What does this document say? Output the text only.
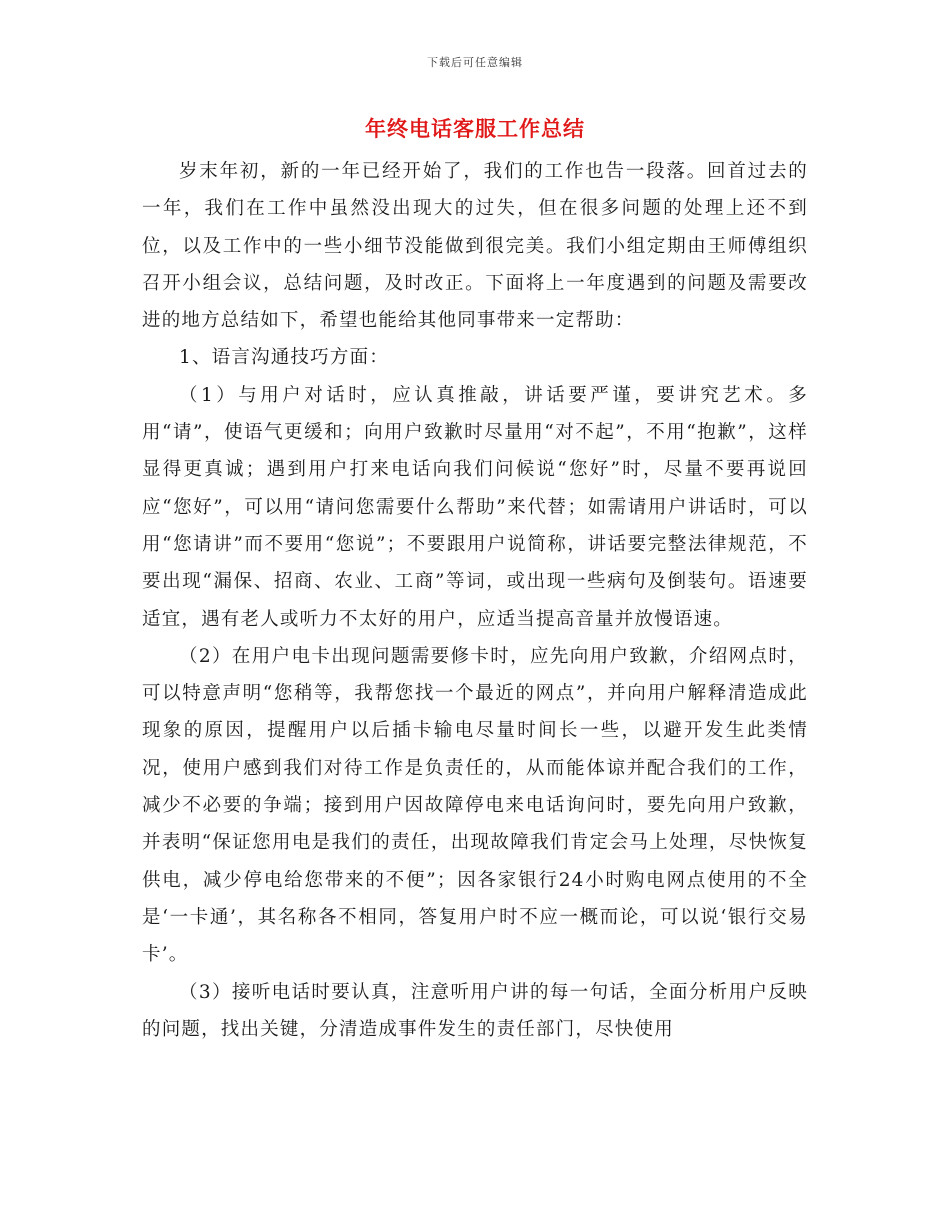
下载后可任意编辑
年终电话客服工作总结

岁末年初，新的一年已经开始了，我们的工作也告一段落。回首过去的一年，我们在工作中虽然没出现大的过失，但在很多问题的处理上还不到位，以及工作中的一些小细节没能做到很完美。我们小组定期由王师傅组织召开小组会议，总结问题，及时改正。下面将上一年度遇到的问题及需要改进的地方总结如下，希望也能给其他同事带来一定帮助：

1、语言沟通技巧方面：

（1）与用户对话时，应认真推敲，讲话要严谨，要讲究艺术。多用“请”，使语气更缓和；向用户致歉时尽量用“对不起”，不用“抱歉”，这样显得更真诚；遇到用户打来电话向我们问候说“您好”时，尽量不要再说回应“您好”，可以用“请问您需要什么帮助”来代替；如需请用户讲话时，可以用“您请讲”而不要用“您说”；不要跟用户说简称，讲话要完整法律规范，不要出现“漏保、招商、农业、工商”等词，或出现一些病句及倒装句。语速要适宜，遇有老人或听力不太好的用户，应适当提高音量并放慢语速。

（2）在用户电卡出现问题需要修卡时，应先向用户致歉，介绍网点时，可以特意声明“您稍等，我帮您找一个最近的网点”，并向用户解释清造成此现象的原因，提醒用户以后插卡输电尽量时间长一些，以避开发生此类情况，使用户感到我们对待工作是负责任的，从而能体谅并配合我们的工作，减少不必要的争端；接到用户因故障停电来电话询问时，要先向用户致歉，并表明“保证您用电是我们的责任，出现故障我们肯定会马上处理，尽快恢复供电，减少停电给您带来的不便”；因各家银行24小时购电网点使用的不全是‘一卡通’，其名称各不相同，答复用户时不应一概而论，可以说‘银行交易卡’。

（3）接听电话时要认真，注意听用户讲的每一句话，全面分析用户反映的问题，找出关键，分清造成事件发生的责任部门，尽快使用
